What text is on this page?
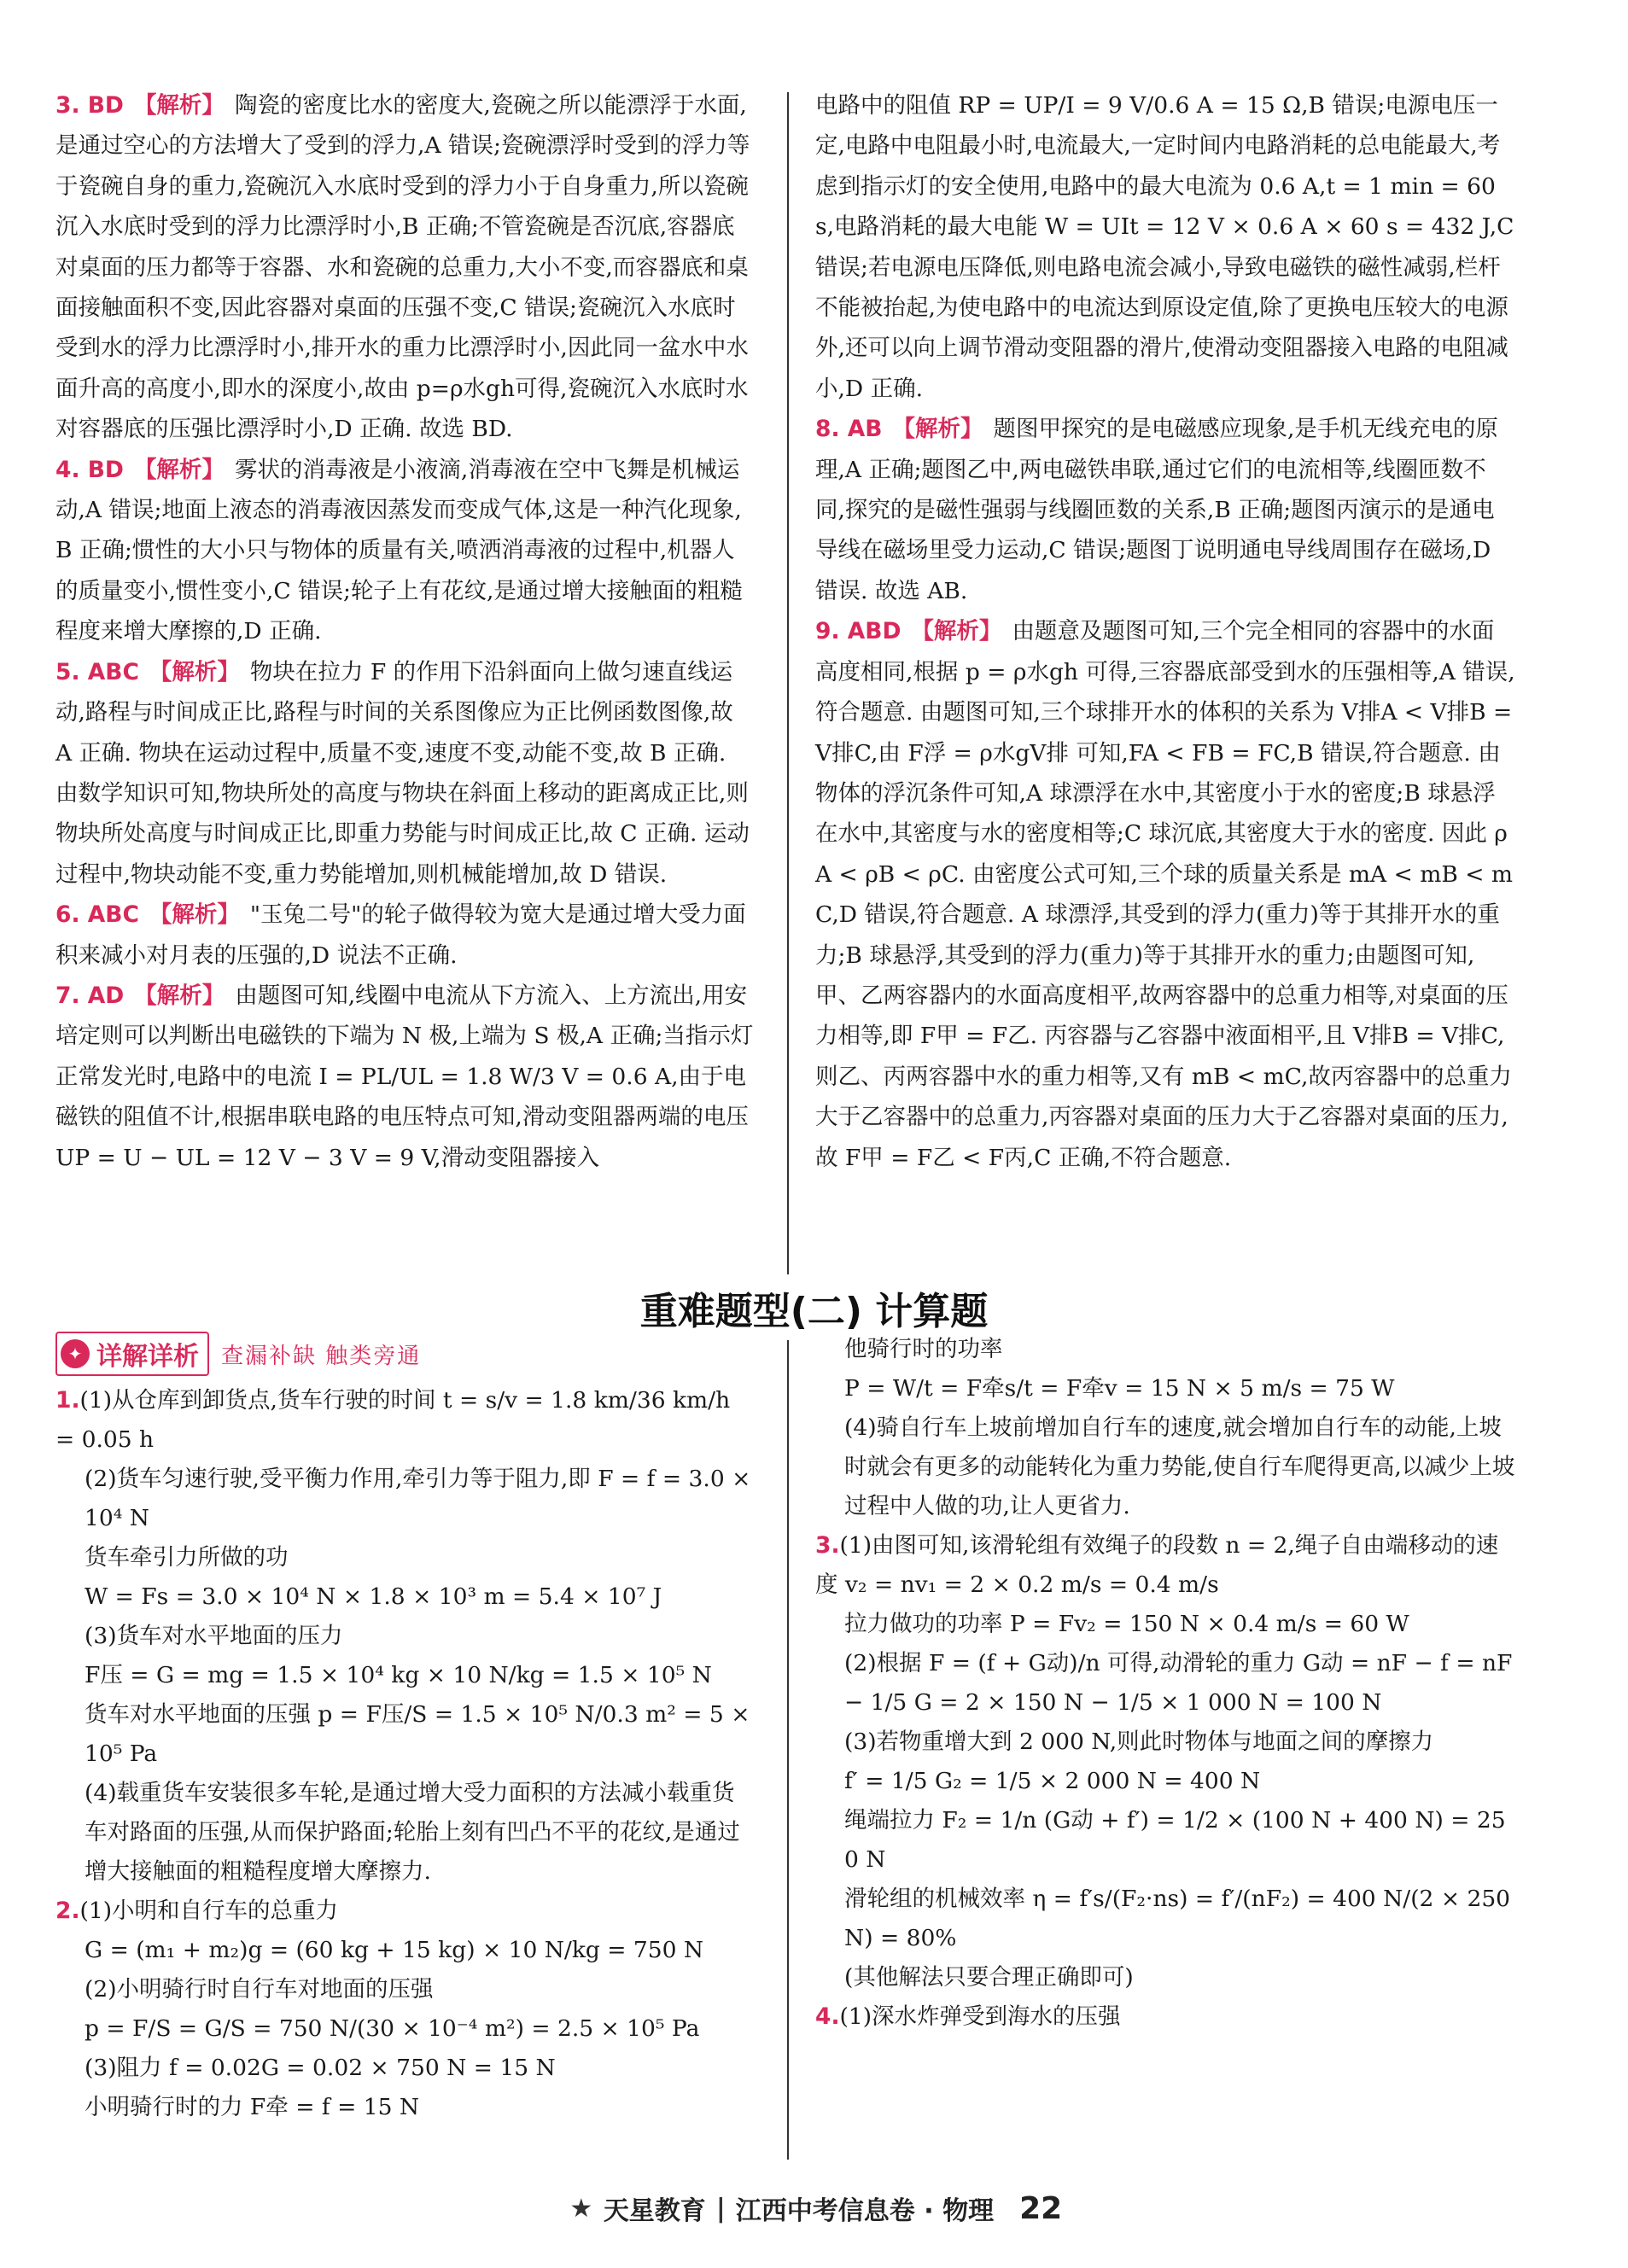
3. BD 【解析】 陶瓷的密度比水的密度大,瓷碗之所以能漂浮于水面,是通过空心的方法增大了受到的浮力,A 错误;瓷碗漂浮时受到的浮力等于瓷碗自身的重力,瓷碗沉入水底时受到的浮力小于自身重力,所以瓷碗沉入水底时受到的浮力比漂浮时小,B 正确;不管瓷碗是否沉底,容器底对桌面的压力都等于容器、水和瓷碗的总重力,大小不变,而容器底和桌面接触面积不变,因此容器对桌面的压强不变,C 错误;瓷碗沉入水底时受到水的浮力比漂浮时小,排开水的重力比漂浮时小,因此同一盆水中水面升高的高度小,即水的深度小,故由 p=ρ水gh可得,瓷碗沉入水底时水对容器底的压强比漂浮时小,D 正确. 故选 BD.

4. BD 【解析】 雾状的消毒液是小液滴,消毒液在空中飞舞是机械运动,A 错误;地面上液态的消毒液因蒸发而变成气体,这是一种汽化现象,B 正确;惯性的大小只与物体的质量有关,喷洒消毒液的过程中,机器人的质量变小,惯性变小,C 错误;轮子上有花纹,是通过增大接触面的粗糙程度来增大摩擦的,D 正确.

5. ABC 【解析】 物块在拉力 F 的作用下沿斜面向上做匀速直线运动,路程与时间成正比,路程与时间的关系图像应为正比例函数图像,故 A 正确. 物块在运动过程中,质量不变,速度不变,动能不变,故 B 正确. 由数学知识可知,物块所处的高度与物块在斜面上移动的距离成正比,则物块所处高度与时间成正比,即重力势能与时间成正比,故 C 正确. 运动过程中,物块动能不变,重力势能增加,则机械能增加,故 D 错误.

6. ABC 【解析】 "玉兔二号"的轮子做得较为宽大是通过增大受力面积来减小对月表的压强的,D 说法不正确.

7. AD 【解析】 由题图可知,线圈中电流从下方流入、上方流出,用安培定则可以判断出电磁铁的下端为 N 极,上端为 S 极,A 正确;当指示灯正常发光时,电路中的电流 I = PL/UL = 1.8 W/3 V = 0.6 A,由于电磁铁的阻值不计,根据串联电路的电压特点可知,滑动变阻器两端的电压 UP = U − UL = 12 V − 3 V = 9 V,滑动变阻器接入

电路中的阻值 RP = UP/I = 9 V/0.6 A = 15 Ω,B 错误;电源电压一定,电路中电阻最小时,电流最大,一定时间内电路消耗的总电能最大,考虑到指示灯的安全使用,电路中的最大电流为 0.6 A,t = 1 min = 60 s,电路消耗的最大电能 W = UIt = 12 V × 0.6 A × 60 s = 432 J,C 错误;若电源电压降低,则电路电流会减小,导致电磁铁的磁性减弱,栏杆不能被抬起,为使电路中的电流达到原设定值,除了更换电压较大的电源外,还可以向上调节滑动变阻器的滑片,使滑动变阻器接入电路的电阻减小,D 正确.

8. AB 【解析】 题图甲探究的是电磁感应现象,是手机无线充电的原理,A 正确;题图乙中,两电磁铁串联,通过它们的电流相等,线圈匝数不同,探究的是磁性强弱与线圈匝数的关系,B 正确;题图丙演示的是通电导线在磁场里受力运动,C 错误;题图丁说明通电导线周围存在磁场,D 错误. 故选 AB.

9. ABD 【解析】 由题意及题图可知,三个完全相同的容器中的水面高度相同,根据 p = ρ水gh 可得,三容器底部受到水的压强相等,A 错误,符合题意. 由题图可知,三个球排开水的体积的关系为 V排A < V排B = V排C,由 F浮 = ρ水gV排 可知,FA < FB = FC,B 错误,符合题意. 由物体的浮沉条件可知,A 球漂浮在水中,其密度小于水的密度;B 球悬浮在水中,其密度与水的密度相等;C 球沉底,其密度大于水的密度. 因此 ρA < ρB < ρC. 由密度公式可知,三个球的质量关系是 mA < mB < mC,D 错误,符合题意. A 球漂浮,其受到的浮力(重力)等于其排开水的重力;B 球悬浮,其受到的浮力(重力)等于其排开水的重力;由题图可知,甲、乙两容器内的水面高度相平,故两容器中的总重力相等,对桌面的压力相等,即 F甲 = F乙. 丙容器与乙容器中液面相平,且 V排B = V排C,则乙、丙两容器中水的重力相等,又有 mB < mC,故丙容器中的总重力大于乙容器中的总重力,丙容器对桌面的压力大于乙容器对桌面的压力,故 F甲 = F乙 < F丙,C 正确,不符合题意.

重难题型(二) 计算题
✦ 详解详析 查漏补缺 触类旁通

1.(1)从仓库到卸货点,货车行驶的时间 t = s/v = 1.8 km/36 km/h = 0.05 h

(2)货车匀速行驶,受平衡力作用,牵引力等于阻力,即 F = f = 3.0 × 10⁴ N

货车牵引力所做的功

W = Fs = 3.0 × 10⁴ N × 1.8 × 10³ m = 5.4 × 10⁷ J

(3)货车对水平地面的压力

F压 = G = mg = 1.5 × 10⁴ kg × 10 N/kg = 1.5 × 10⁵ N

货车对水平地面的压强 p = F压/S = 1.5 × 10⁵ N/0.3 m² = 5 × 10⁵ Pa

(4)载重货车安装很多车轮,是通过增大受力面积的方法减小载重货车对路面的压强,从而保护路面;轮胎上刻有凹凸不平的花纹,是通过增大接触面的粗糙程度增大摩擦力.

2.(1)小明和自行车的总重力

G = (m₁ + m₂)g = (60 kg + 15 kg) × 10 N/kg = 750 N

(2)小明骑行时自行车对地面的压强

p = F/S = G/S = 750 N/(30 × 10⁻⁴ m²) = 2.5 × 10⁵ Pa

(3)阻力 f = 0.02G = 0.02 × 750 N = 15 N

小明骑行时的力 F牵 = f = 15 N

他骑行时的功率

P = W/t = F牵s/t = F牵v = 15 N × 5 m/s = 75 W

(4)骑自行车上坡前增加自行车的速度,就会增加自行车的动能,上坡时就会有更多的动能转化为重力势能,使自行车爬得更高,以减少上坡过程中人做的功,让人更省力.

3.(1)由图可知,该滑轮组有效绳子的段数 n = 2,绳子自由端移动的速度 v₂ = nv₁ = 2 × 0.2 m/s = 0.4 m/s

拉力做功的功率 P = Fv₂ = 150 N × 0.4 m/s = 60 W

(2)根据 F = (f + G动)/n 可得,动滑轮的重力 G动 = nF − f = nF − 1/5 G = 2 × 150 N − 1/5 × 1 000 N = 100 N

(3)若物重增大到 2 000 N,则此时物体与地面之间的摩擦力

f′ = 1/5 G₂ = 1/5 × 2 000 N = 400 N

绳端拉力 F₂ = 1/n (G动 + f′) = 1/2 × (100 N + 400 N) = 250 N

滑轮组的机械效率 η = f′s/(F₂·ns) = f′/(nF₂) = 400 N/(2 × 250 N) = 80%

(其他解法只要合理正确即可)

4.(1)深水炸弹受到海水的压强

★ 天星教育 | 江西中考信息卷 · 物理 22
